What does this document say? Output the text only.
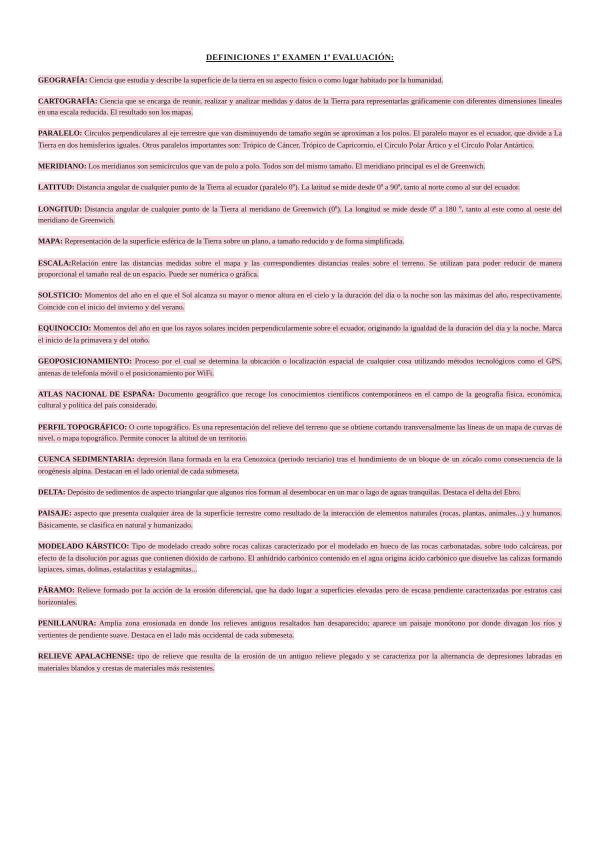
DEFINICIONES 1º EXAMEN 1ª EVALUACIÓN:

GEOGRAFÍA: Ciencia que estudia y describe la superficie de la tierra en su aspecto físico o como lugar habitado por la humanidad.
CARTOGRAFÍA: Ciencia que se encarga de reunir, realizar y analizar medidas y datos de la Tierra para representarlas gráficamente con diferentes dimensiones lineales en una escala reducida. El resultado son los mapas.
PARALELO: Círculos perpendiculares al eje terrestre que van disminuyendo de tamaño según se aproximan a los polos. El paralelo mayor es el ecuador, que divide a La Tierra en dos hemisferios iguales. Otros paralelos importantes son: Trópico de Cáncer, Trópico de Capricornio, el Círculo Polar Ártico y el Círculo Polar Antártico.
MERIDIANO: Los meridianos son semicírculos que van de polo a polo. Todos son del mismo tamaño. El meridiano principal es el de Greenwich.
LATITUD: Distancia angular de cualquier punto de la Tierra al ecuador (paralelo 0º). La latitud se mide desde 0º a 90º, tanto al norte como al sur del ecuador.
LONGITUD: Distancia angular de cualquier punto de la Tierra al meridiano de Greenwich (0º). La longitud se mide desde 0º a 180 º, tanto al este como al oeste del meridiano de Greenwich.
MAPA: Representación de la superficie esférica de la Tierra sobre un plano, a tamaño reducido y de forma simplificada.
ESCALA:Relación entre las distancias medidas sobre el mapa y las correspondientes distancias reales sobre el terreno. Se utilizan para poder reducir de manera proporcional el tamaño real de un espacio. Puede ser numérica o gráfica.
SOLSTICIO: Momentos del año en el que el Sol alcanza su mayor o menor altura en el cielo y la duración del día o la noche son las máximas del año, respectivamente. Coincide con el inicio del invierno y del verano.
EQUINOCCIO: Momentos del año en que los rayos solares inciden perpendicularmente sobre el ecuador, originando la igualdad de la duración del día y la noche. Marca el inicio de la primavera y del otoño.
GEOPOSICIONAMIENTO: Proceso por el cual se determina la ubicación o localización espacial de cualquier cosa utilizando métodos tecnológicos como el GPS, antenas de telefonía móvil o el posicionamiento por WiFi.
ATLAS NACIONAL DE ESPAÑA: Documento geográfico que recoge los conocimientos científicos contemporáneos en el campo de la geografía física, económica, cultural y política del país considerado.
PERFIL TOPOGRÁFICO: O corte topográfico. Es una representación del relieve del terreno que se obtiene cortando transversalmente las líneas de un mapa de curvas de nivel, o mapa topográfico. Permite conocer la altitud de un territorio.
CUENCA SEDIMENTARIA: depresión llana formada en la era Cenozoica (periodo terciario) tras el hundimiento de un bloque de un zócalo como consecuencia de la orogénesis alpina. Destacan en el lado oriental de cada submeseta.
DELTA: Depósito de sedimentos de aspecto triangular que algunos ríos forman al desembocar en un mar o lago de aguas tranquilas. Destaca el delta del Ebro.
PAISAJE: aspecto que presenta cualquier área de la superficie terrestre como resultado de la interacción de elementos naturales (rocas, plantas, animales...) y humanos. Básicamente, se clasifica en natural y humanizado.
MODELADO KÁRSTICO: Tipo de modelado creado sobre rocas calizas caracterizado por el modelado en hueco de las rocas carbonatadas, sobre todo calcáreas, por efecto de la disolución por aguas que contienen dióxido de carbono. El anhídrido carbónico contenido en el agua origina ácido carbónico que disuelve las calizas formando lapiaces, simas, dolinas, estalactitas y estalagmitas...
PÁRAMO: Relieve formado por la acción de la erosión diferencial, que ha dado lugar a superficies elevadas pero de escasa pendiente caracterizadas por estratos casi horizontales.
PENILLANURA: Amplia zona erosionada en donde los relieves antiguos resaltados han desaparecido; aparece un paisaje monótono por donde divagan los ríos y vertientes de pendiente suave. Destaca en el lado más occidental de cada submeseta.
RELIEVE APALACHENSE: tipo de relieve que resulta de la erosión de un antiguo relieve plegado y se caracteriza por la alternancia de depresiones labradas en materiales blandos y crestas de materiales más resistentes.
